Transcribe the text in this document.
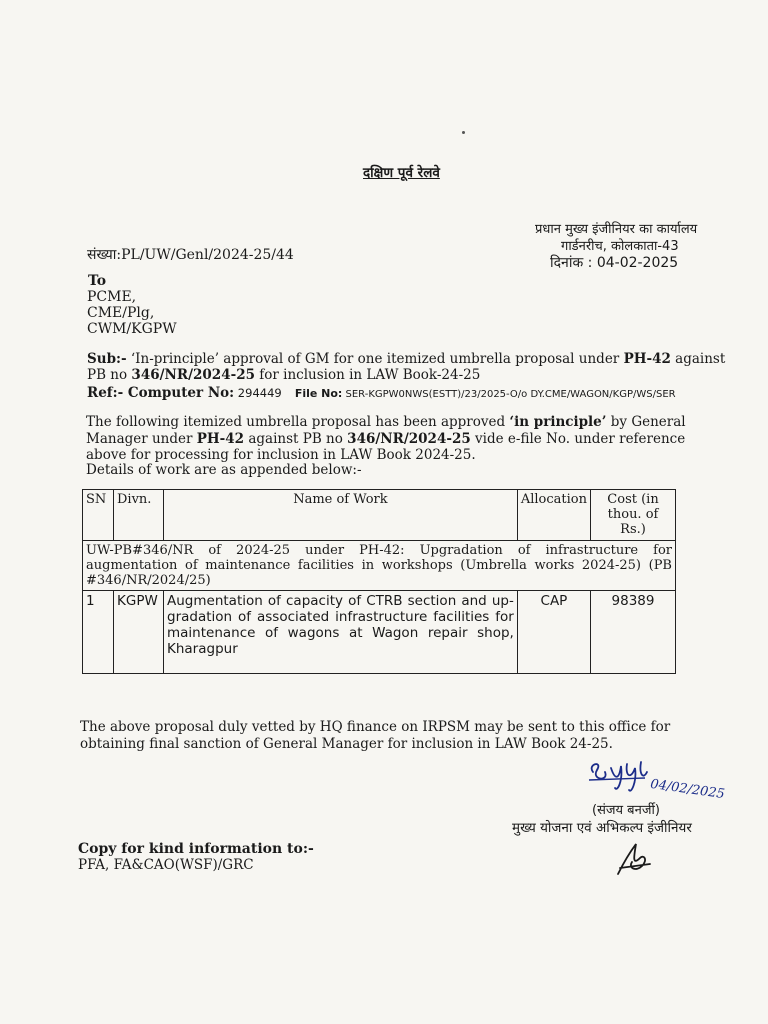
दक्षिण पूर्व रेलवे
प्रधान मुख्य इंजीनियर का कार्यालय
गार्डनरीच, कोलकाता-43
दिनांक : 04-02-2025
संख्या:PL/UW/Genl/2024-25/44
To
PCME,
CME/Plg,
CWM/KGPW
Sub:- ‘In-principle’ approval of GM for one itemized umbrella proposal under PH-42 against
PB no 346/NR/2024-25 for inclusion in LAW Book-24-25
Ref:- Computer No: 294449 File No: SER-KGPW0NWS(ESTT)/23/2025-O/o DY.CME/WAGON/KGP/WS/SER
The following itemized umbrella proposal has been approved ‘in principle’ by General
Manager under PH-42 against PB no 346/NR/2024-25 vide e-file No. under reference
above for processing for inclusion in LAW Book 2024-25.
Details of work are as appended below:-
SN	Divn.	Name of Work	Allocation	Cost (in thou. of Rs.)
UW-PB#346/NR of 2024-25 under PH-42: Upgradation of infrastructure for augmentation of maintenance facilities in workshops (Umbrella works 2024-25) (PB #346/NR/2024/25)				
1	KGPW	Augmentation of capacity of CTRB section and up-gradation of associated infrastructure facilities for maintenance of wagons at Wagon repair shop, Kharagpur	CAP	98389
The above proposal duly vetted by HQ finance on IRPSM may be sent to this office for
obtaining final sanction of General Manager for inclusion in LAW Book 24-25.
04/02/2025
(संजय बनर्जी)
मुख्य योजना एवं अभिकल्प इंजीनियर
Copy for kind information to:-
PFA, FA&CAO(WSF)/GRC
